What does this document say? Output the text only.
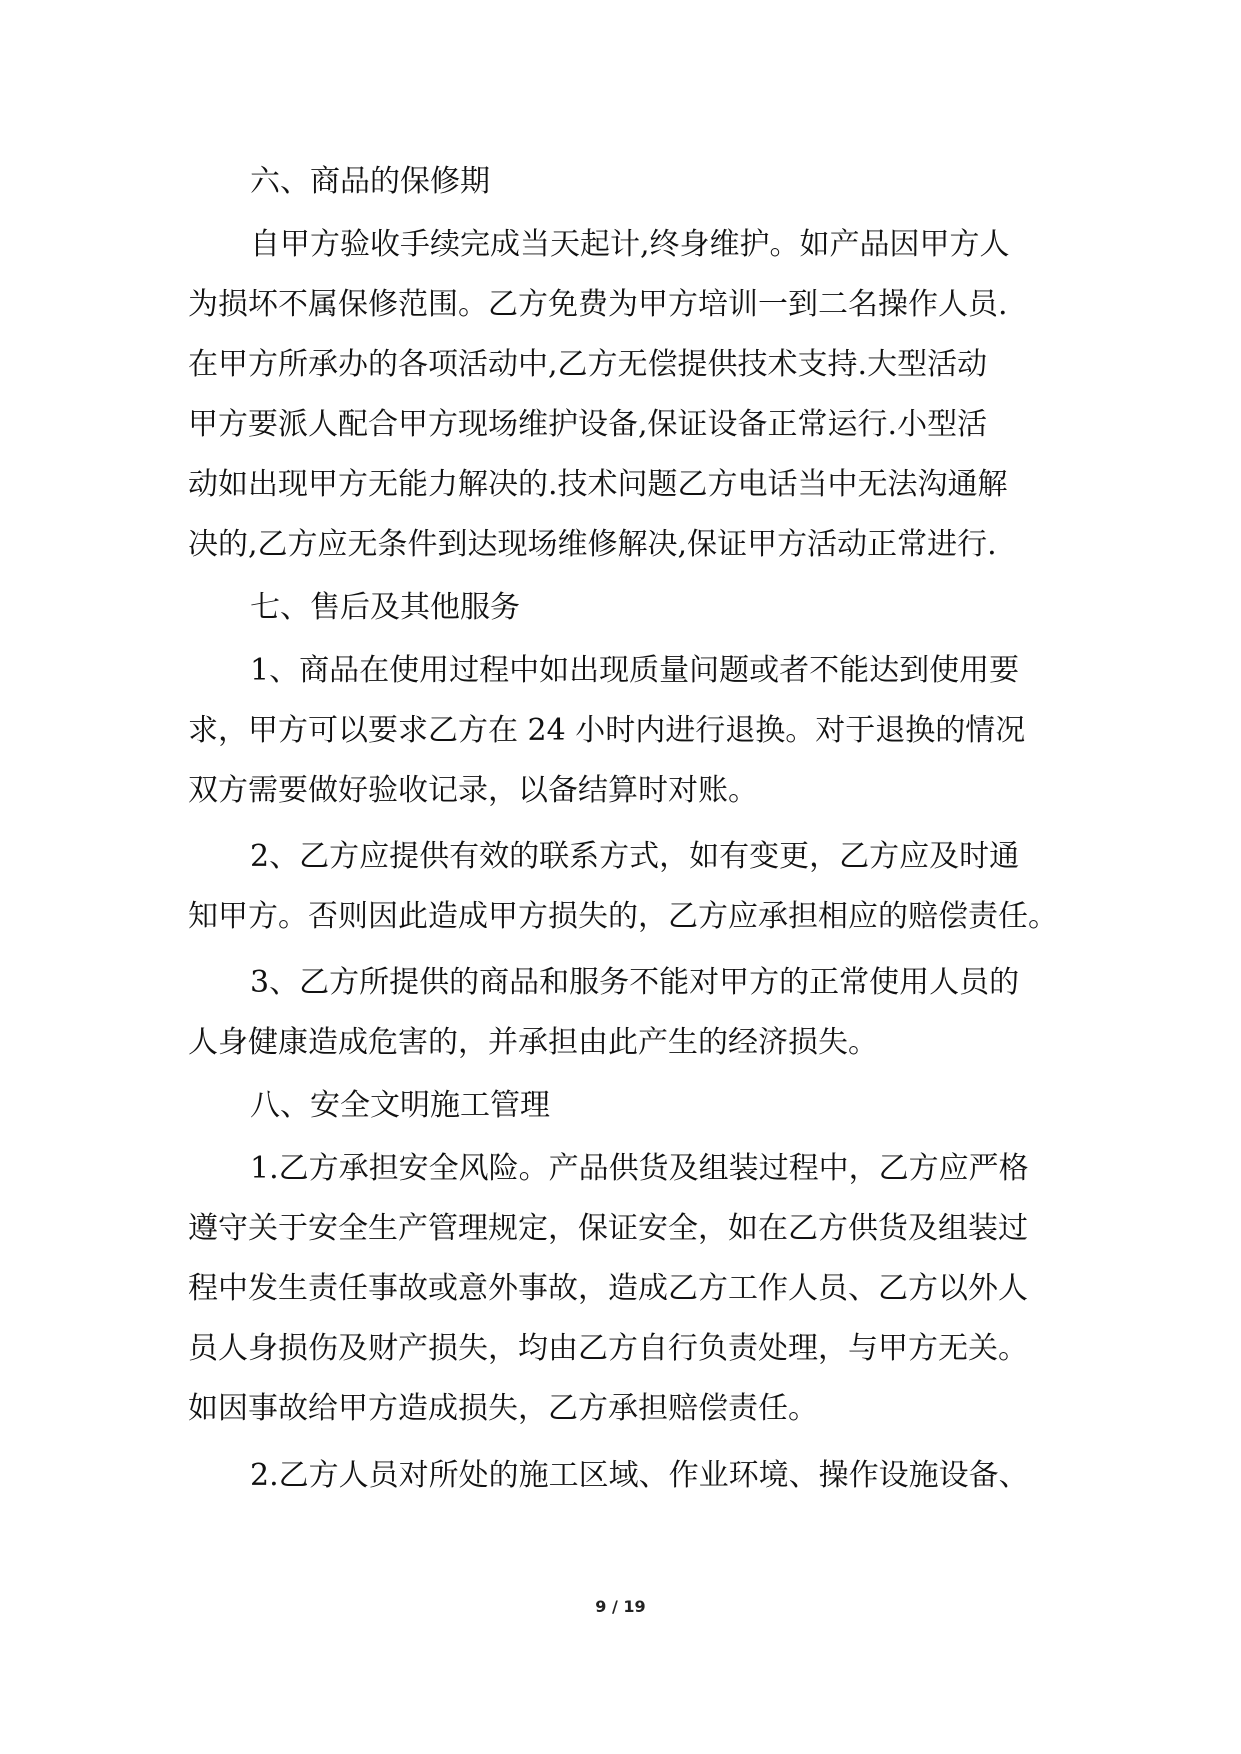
六、商品的保修期
自甲方验收手续完成当天起计,终身维护。如产品因甲方人
为损坏不属保修范围。乙方免费为甲方培训一到二名操作人员.
在甲方所承办的各项活动中,乙方无偿提供技术支持.大型活动
甲方要派人配合甲方现场维护设备,保证设备正常运行.小型活
动如出现甲方无能力解决的.技术问题乙方电话当中无法沟通解
决的,乙方应无条件到达现场维修解决,保证甲方活动正常进行.
七、售后及其他服务
1、商品在使用过程中如出现质量问题或者不能达到使用要
求，甲方可以要求乙方在 24 小时内进行退换。对于退换的情况
双方需要做好验收记录，以备结算时对账。
2、乙方应提供有效的联系方式，如有变更，乙方应及时通
知甲方。否则因此造成甲方损失的，乙方应承担相应的赔偿责任。
3、乙方所提供的商品和服务不能对甲方的正常使用人员的
人身健康造成危害的，并承担由此产生的经济损失。
八、安全文明施工管理
1.乙方承担安全风险。产品供货及组装过程中，乙方应严格
遵守关于安全生产管理规定，保证安全，如在乙方供货及组装过
程中发生责任事故或意外事故，造成乙方工作人员、乙方以外人
员人身损伤及财产损失，均由乙方自行负责处理，与甲方无关。
如因事故给甲方造成损失，乙方承担赔偿责任。
2.乙方人员对所处的施工区域、作业环境、操作设施设备、
9 / 19
